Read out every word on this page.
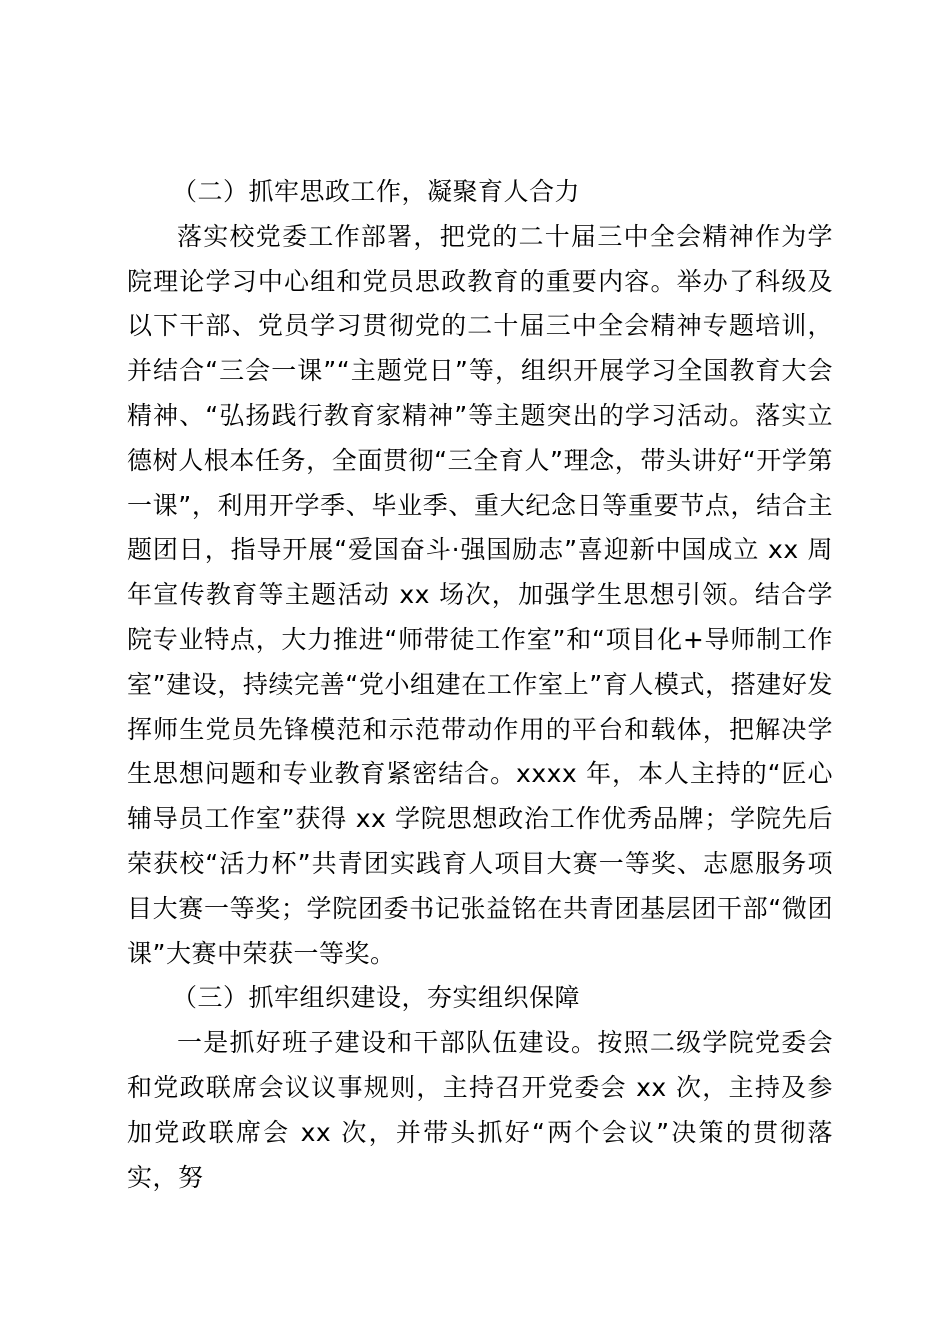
（二）抓牢思政工作，凝聚育人合力

落实校党委工作部署，把党的二十届三中全会精神作为学院理论学习中心组和党员思政教育的重要内容。举办了科级及以下干部、党员学习贯彻党的二十届三中全会精神专题培训，并结合“三会一课”“主题党日”等，组织开展学习全国教育大会精神、“弘扬践行教育家精神”等主题突出的学习活动。落实立德树人根本任务，全面贯彻“三全育人”理念，带头讲好“开学第一课”，利用开学季、毕业季、重大纪念日等重要节点，结合主题团日，指导开展“爱国奋斗·强国励志”喜迎新中国成立 xx 周年宣传教育等主题活动 xx 场次，加强学生思想引领。结合学院专业特点，大力推进“师带徒工作室”和“项目化+导师制工作室”建设，持续完善“党小组建在工作室上”育人模式，搭建好发挥师生党员先锋模范和示范带动作用的平台和载体，把解决学生思想问题和专业教育紧密结合。xxxx 年，本人主持的“匠心辅导员工作室”获得 xx 学院思想政治工作优秀品牌；学院先后荣获校“活力杯”共青团实践育人项目大赛一等奖、志愿服务项目大赛一等奖；学院团委书记张益铭在共青团基层团干部“微团课”大赛中荣获一等奖。

（三）抓牢组织建设，夯实组织保障

一是抓好班子建设和干部队伍建设。按照二级学院党委会和党政联席会议议事规则，主持召开党委会 xx 次，主持及参加党政联席会 xx 次，并带头抓好“两个会议”决策的贯彻落实，努
